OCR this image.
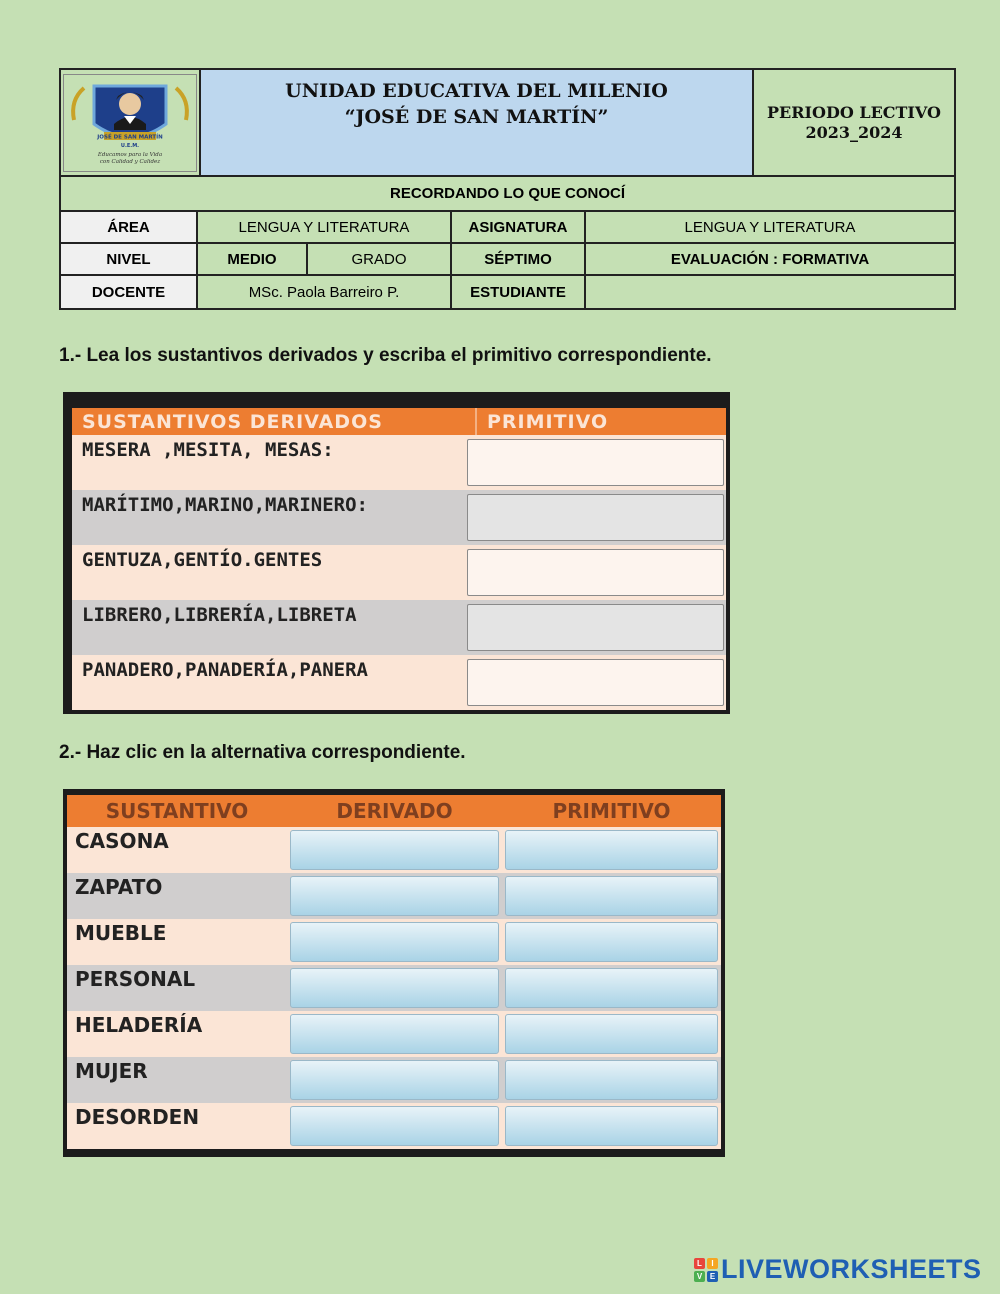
JOSÉ DE SAN MARTÍN
U.E.M.
Educamos para la Vida
con Calidad y Calidez
UNIDAD EDUCATIVA DEL MILENIO
“JOSÉ DE SAN MARTÍN”	PERIODO LECTIVO
2023_2024
RECORDANDO LO QUE CONOCÍ
ÁREA	LENGUA Y LITERATURA	ASIGNATURA	LENGUA Y LITERATURA
NIVEL	MEDIO	GRADO	SÉPTIMO	EVALUACIÓN : FORMATIVA
DOCENTE	MSc. Paola Barreiro P.	ESTUDIANTE
1.- Lea los sustantivos derivados y escriba el primitivo correspondiente.
SUSTANTIVOS DERIVADOS	PRIMITIVO
MESERA ,MESITA, MESAS:
MARÍTIMO,MARINO,MARINERO:
GENTUZA,GENTÍO.GENTES
LIBRERO,LIBRERÍA,LIBRETA
PANADERO,PANADERÍA,PANERA
2.- Haz clic en la alternativa correspondiente.
SUSTANTIVO	DERIVADO	PRIMITIVO
CASONA
ZAPATO
MUEBLE
PERSONAL
HELADERÍA
MUJER
DESORDEN
L	I
V E LIVEWORKSHEETS
